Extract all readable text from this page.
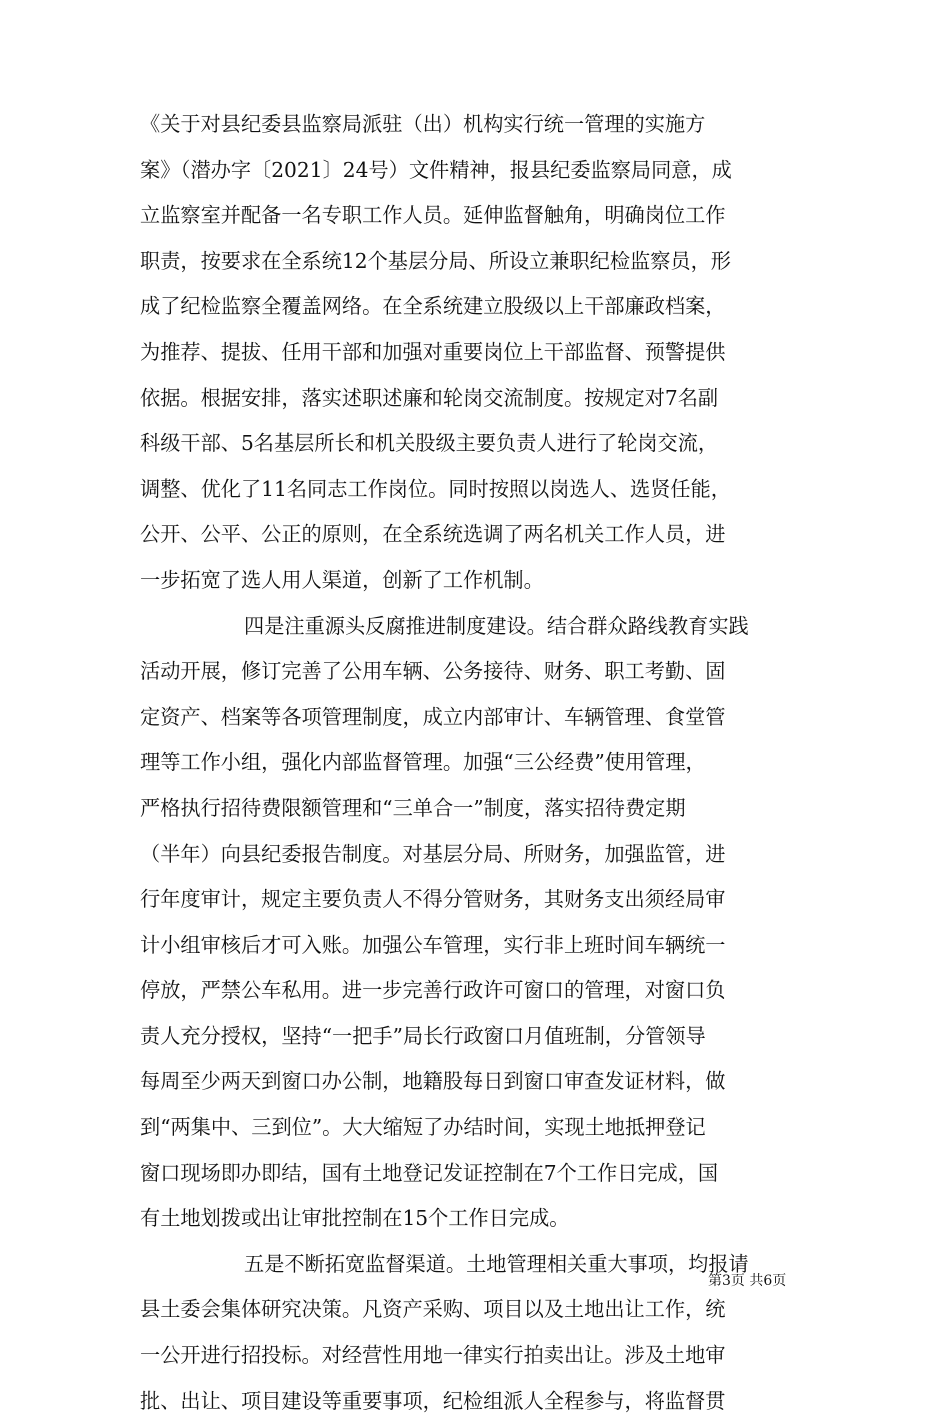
《关于对县纪委县监察局派驻（出）机构实行统一管理的实施方
案》（潜办字〔2021〕24号）文件精神，报县纪委监察局同意，成
立监察室并配备一名专职工作人员。延伸监督触角，明确岗位工作
职责，按要求在全系统12个基层分局、所设立兼职纪检监察员，形
成了纪检监察全覆盖网络。在全系统建立股级以上干部廉政档案，
为推荐、提拔、任用干部和加强对重要岗位上干部监督、预警提供
依据。根据安排，落实述职述廉和轮岗交流制度。按规定对7名副
科级干部、5名基层所长和机关股级主要负责人进行了轮岗交流，
调整、优化了11名同志工作岗位。同时按照以岗选人、选贤任能，
公开、公平、公正的原则，在全系统选调了两名机关工作人员，进
一步拓宽了选人用人渠道，创新了工作机制。
四是注重源头反腐推进制度建设。结合群众路线教育实践
活动开展，修订完善了公用车辆、公务接待、财务、职工考勤、固
定资产、档案等各项管理制度，成立内部审计、车辆管理、食堂管
理等工作小组，强化内部监督管理。加强“三公经费”使用管理，
严格执行招待费限额管理和“三单合一”制度，落实招待费定期
（半年）向县纪委报告制度。对基层分局、所财务，加强监管，进
行年度审计，规定主要负责人不得分管财务，其财务支出须经局审
计小组审核后才可入账。加强公车管理，实行非上班时间车辆统一
停放，严禁公车私用。进一步完善行政许可窗口的管理，对窗口负
责人充分授权，坚持“一把手”局长行政窗口月值班制，分管领导
每周至少两天到窗口办公制，地籍股每日到窗口审查发证材料，做
到“两集中、三到位”。大大缩短了办结时间，实现土地抵押登记
窗口现场即办即结，国有土地登记发证控制在7个工作日完成，国
有土地划拨或出让审批控制在15个工作日完成。
五是不断拓宽监督渠道。土地管理相关重大事项，均报请
县土委会集体研究决策。凡资产采购、项目以及土地出让工作，统
一公开进行招投标。对经营性用地一律实行拍卖出让。涉及土地审
批、出让、项目建设等重要事项，纪检组派人全程参与，将监督贯
第3页 共6页
